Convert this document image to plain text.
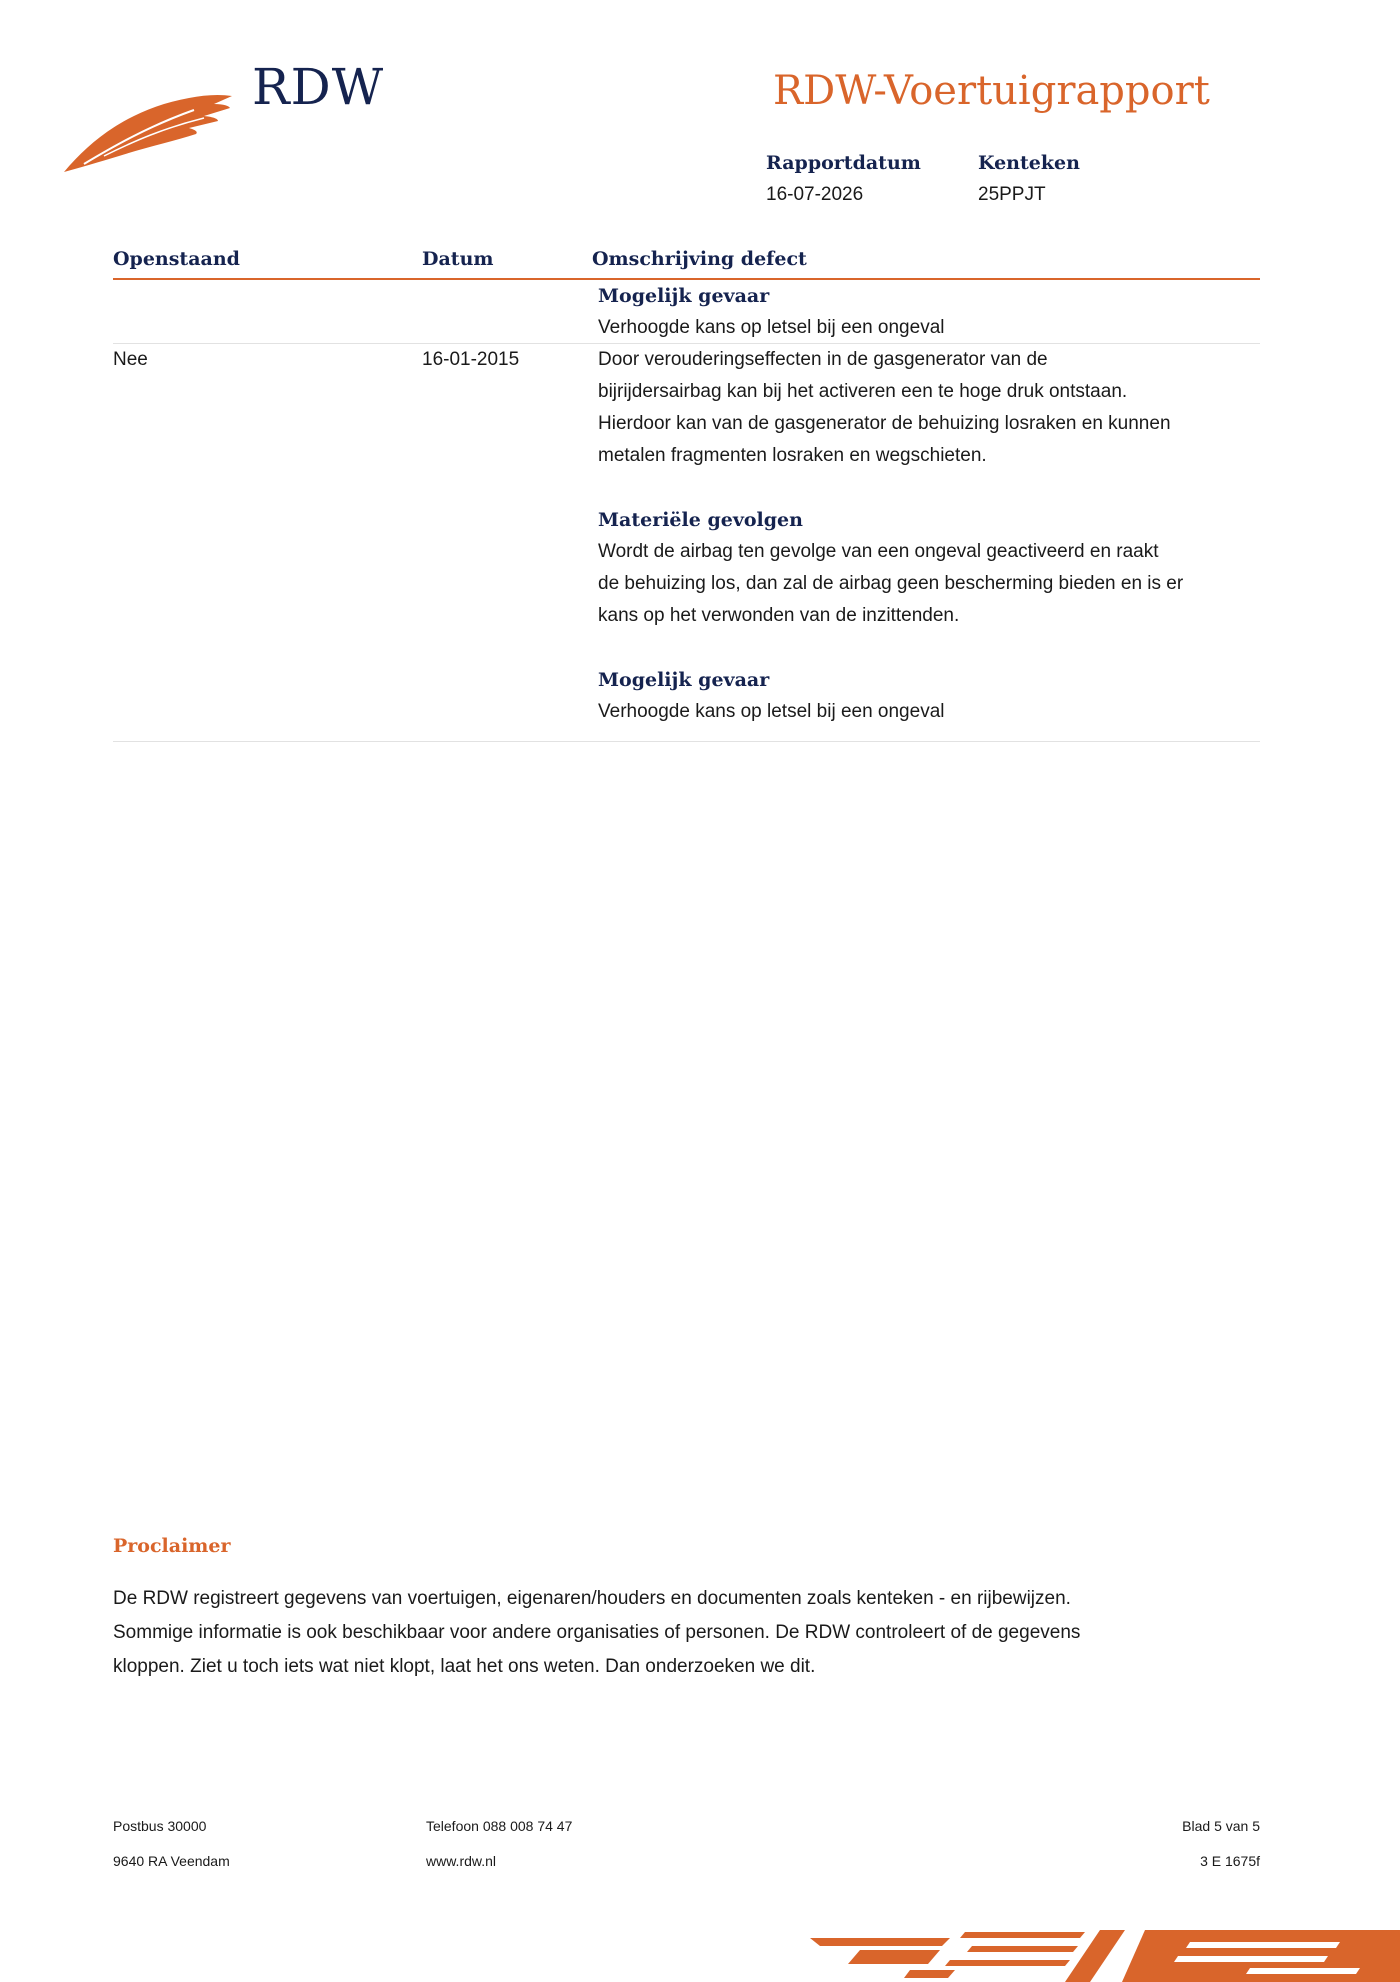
RDW	RDW-Voertuigrapport
Rapportdatum
16-07-2026
Kenteken
25PPJT
Openstaand	Datum	Omschrijving defect
Mogelijk gevaar
Verhoogde kans op letsel bij een ongeval
Nee	16-01-2015	Door verouderingseffecten in de gasgenerator van de
bijrijdersairbag kan bij het activeren een te hoge druk ontstaan.
Hierdoor kan van de gasgenerator de behuizing losraken en kunnen
metalen fragmenten losraken en wegschieten.
Materiële gevolgen
Wordt de airbag ten gevolge van een ongeval geactiveerd en raakt
de behuizing los, dan zal de airbag geen bescherming bieden en is er
kans op het verwonden van de inzittenden.
Mogelijk gevaar
Verhoogde kans op letsel bij een ongeval
Proclaimer
De RDW registreert gegevens van voertuigen, eigenaren/houders en documenten zoals kenteken - en rijbewijzen.
Sommige informatie is ook beschikbaar voor andere organisaties of personen. De RDW controleert of de gegevens
kloppen. Ziet u toch iets wat niet klopt, laat het ons weten. Dan onderzoeken we dit.
Postbus 30000
9640 RA Veendam
Telefoon 088 008 74 47
www.rdw.nl
Blad 5 van 5
3 E 1675f
